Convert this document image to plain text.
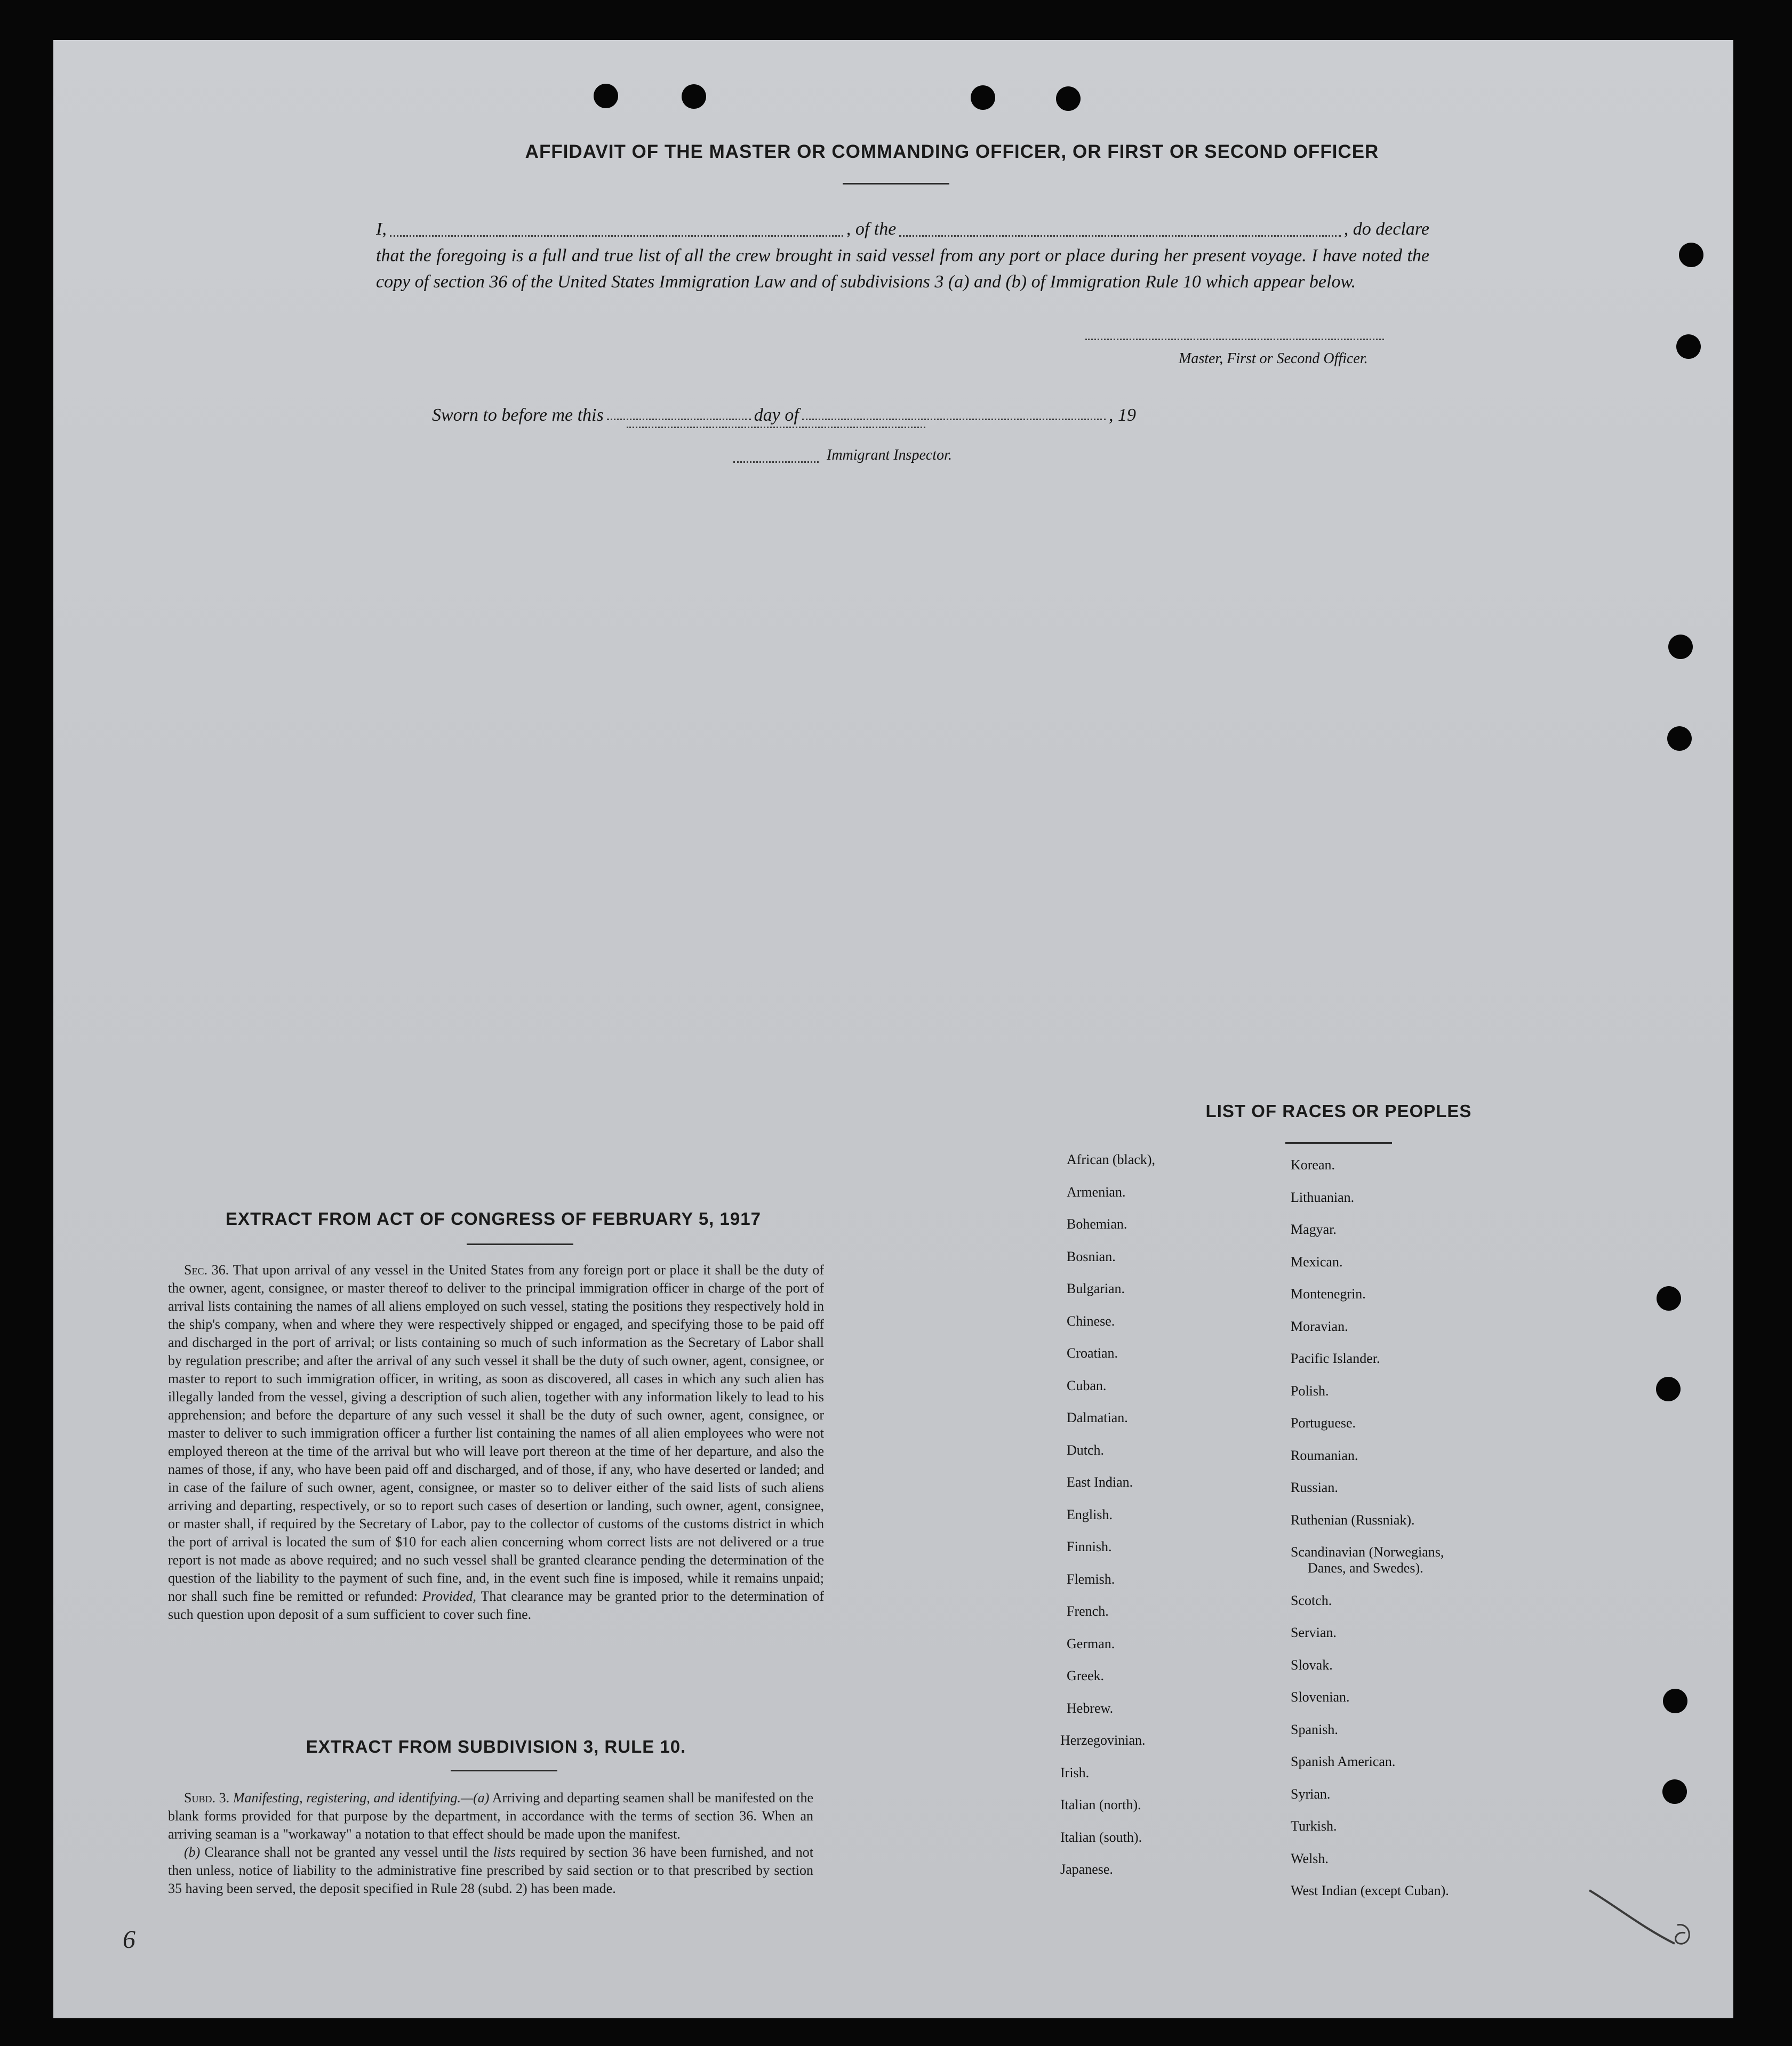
AFFIDAVIT OF THE MASTER OR COMMANDING OFFICER, OR FIRST OR SECOND OFFICER
I,	, of the	, do declare
that the foregoing is a full and true list of all the crew brought in said vessel from any port or place during her present voyage. I have noted the copy of section 36 of the United States Immigration Law and of subdivisions 3 (a) and (b) of Immigration Rule 10 which appear below.
Master, First or Second Officer.
Sworn to before me this	day of	, 19
Immigrant Inspector.
LIST OF RACES OR PEOPLES
African (black),
Armenian.
Bohemian.
Bosnian.
Bulgarian.
Chinese.
Croatian.
Cuban.
Dalmatian.
Dutch.
East Indian.
English.
Finnish.
Flemish.
French.
German.
Greek.
Hebrew.
Herzegovinian.
Irish.
Italian (north).
Italian (south).
Japanese.
Korean.
Lithuanian.
Magyar.
Mexican.
Montenegrin.
Moravian.
Pacific Islander.
Polish.
Portuguese.
Roumanian.
Russian.
Ruthenian (Russniak).
Scandinavian (Norwegians,
Danes, and Swedes).
Scotch.
Servian.
Slovak.
Slovenian.
Spanish.
Spanish American.
Syrian.
Turkish.
Welsh.
West Indian (except Cuban).
EXTRACT FROM ACT OF CONGRESS OF FEBRUARY 5, 1917

Sec. 36. That upon arrival of any vessel in the United States from any foreign port or place it shall be the duty of the owner, agent, consignee, or master thereof to deliver to the principal immigration officer in charge of the port of arrival lists containing the names of all aliens employed on such vessel, stating the positions they respectively hold in the ship's company, when and where they were respectively shipped or engaged, and specifying those to be paid off and discharged in the port of arrival; or lists containing so much of such information as the Secretary of Labor shall by regulation prescribe; and after the arrival of any such vessel it shall be the duty of such owner, agent, consignee, or master to report to such immigration officer, in writing, as soon as discovered, all cases in which any such alien has illegally landed from the vessel, giving a description of such alien, together with any information likely to lead to his apprehension; and before the departure of any such vessel it shall be the duty of such owner, agent, consignee, or master to deliver to such immigration officer a further list containing the names of all alien employees who were not employed thereon at the time of the arrival but who will leave port thereon at the time of her departure, and also the names of those, if any, who have been paid off and discharged, and of those, if any, who have deserted or landed; and in case of the failure of such owner, agent, consignee, or master so to deliver either of the said lists of such aliens arriving and departing, respectively, or so to report such cases of desertion or landing, such owner, agent, consignee, or master shall, if required by the Secretary of Labor, pay to the collector of customs of the customs district in which the port of arrival is located the sum of $10 for each alien concerning whom correct lists are not delivered or a true report is not made as above required; and no such vessel shall be granted clearance pending the determination of the question of the liability to the payment of such fine, and, in the event such fine is imposed, while it remains unpaid; nor shall such fine be remitted or refunded: Provided, That clearance may be granted prior to the determination of such question upon deposit of a sum sufficient to cover such fine.

EXTRACT FROM SUBDIVISION 3, RULE 10.

Subd. 3. Manifesting, registering, and identifying.—(a) Arriving and departing seamen shall be manifested on the blank forms provided for that purpose by the department, in accordance with the terms of section 36. When an arriving seaman is a "workaway" a notation to that effect should be made upon the manifest.

(b) Clearance shall not be granted any vessel until the lists required by section 36 have been furnished, and not then unless, notice of liability to the administrative fine prescribed by said section or to that prescribed by section 35 having been served, the deposit specified in Rule 28 (subd. 2) has been made.

6
